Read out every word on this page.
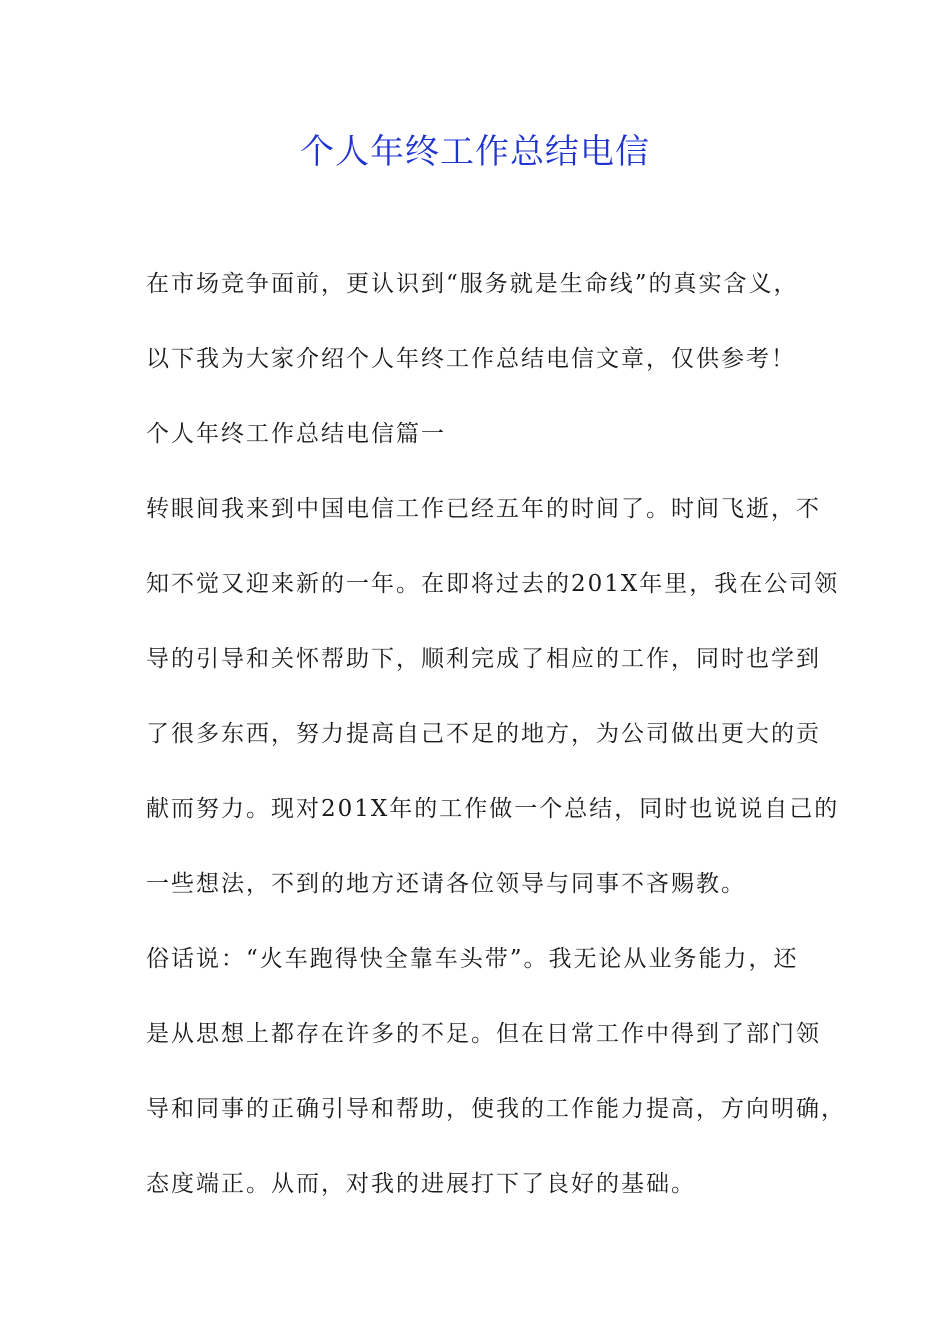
个人年终工作总结电信

在市场竞争面前，更认识到“服务就是生命线”的真实含义，

以下我为大家介绍个人年终工作总结电信文章，仅供参考！

个人年终工作总结电信篇一

转眼间我来到中国电信工作已经五年的时间了。时间飞逝，不

知不觉又迎来新的一年。在即将过去的201X年里，我在公司领

导的引导和关怀帮助下，顺利完成了相应的工作，同时也学到

了很多东西，努力提高自己不足的地方，为公司做出更大的贡

献而努力。现对201X年的工作做一个总结，同时也说说自己的

一些想法，不到的地方还请各位领导与同事不吝赐教。

俗话说：“火车跑得快全靠车头带”。我无论从业务能力，还

是从思想上都存在许多的不足。但在日常工作中得到了部门领

导和同事的正确引导和帮助，使我的工作能力提高，方向明确，

态度端正。从而，对我的进展打下了良好的基础。
